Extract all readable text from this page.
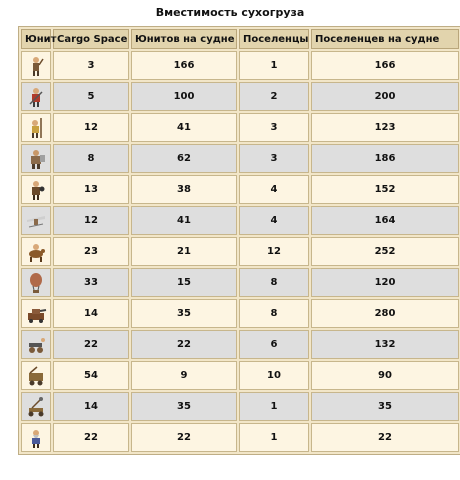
Вместимость сухогруза
Юнит	Cargo Space	Юнитов на судне	Поселенцы	Поселенцев на судне

	3	166	1	166

	5	100	2	200

	12	41	3	123

	8	62	3	186

	13	38	4	152

	12	41	4	164

	23	21	12	252

	33	15	8	120

	14	35	8	280

	22	22	6	132

	54	9	10	90

	14	35	1	35

	22	22	1	22
